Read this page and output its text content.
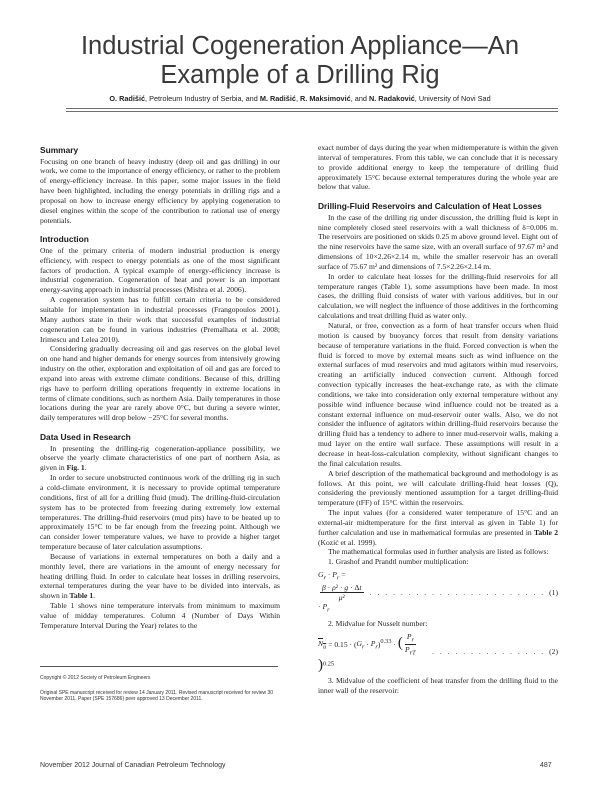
Industrial Cogeneration Appliance—An
Example of a Drilling Rig
O. Radišić, Petroleum Industry of Serbia, and M. Radišić, R. Maksimović, and N. Radaković, University of Novi Sad
Summary

Focusing on one branch of heavy industry (deep oil and gas drilling) in our work, we come to the importance of energy efficiency, or rather to the problem of energy-efficiency increase. In this paper, some major issues in the field have been highlighted, including the energy potentials in drilling rigs and a proposal on how to increase energy efficiency by applying cogeneration to diesel engines within the scope of the contribution to rational use of energy potentials.

Introduction

One of the primary criteria of modern industrial production is energy efficiency, with respect to energy potentials as one of the most significant factors of production. A typical example of energy-efficiency increase is industrial cogeneration. Cogeneration of heat and power is an important energy-saving approach in industrial processes (Mishra et al. 2006).

A cogeneration system has to fulfill certain criteria to be considered suitable for implementation in industrial processes (Frangopoulos 2001). Many authors state in their work that successful examples of industrial cogeneration can be found in various industries (Premalhata et al. 2008; Irimescu and Lelea 2010).

Considering gradually decreasing oil and gas reserves on the global level on one hand and higher demands for energy sources from intensively growing industry on the other, exploration and exploitation of oil and gas are forced to expand into areas with extreme climate conditions. Because of this, drilling rigs have to perform drilling operations frequently in extreme locations in terms of climate conditions, such as northern Asia. Daily temperatures in those locations during the year are rarely above 0°C, but during a severe winter, daily temperatures will drop below −25°C for several months.

Data Used in Research

In presenting the drilling-rig cogeneration-appliance possibility, we observe the yearly climate characteristics of one part of northern Asia, as given in Fig. 1.

In order to secure unobstructed continuous work of the drilling rig in such a cold-climate environment, it is necessary to provide optimal temperature conditions, first of all for a drilling fluid (mud). The drilling-fluid-circulation system has to be protected from freezing during extremely low external temperatures. The drilling-fluid reservoirs (mud pits) have to be heated up to approximately 15°C to be far enough from the freezing point. Although we can consider lower temperature values, we have to provide a higher target temperature because of later calculation assumptions.

Because of variations in external temperatures on both a daily and a monthly level, there are variations in the amount of energy necessary for heating drilling fluid. In order to calculate heat losses in drilling reservoirs, external temperatures during the year have to be divided into intervals, as shown in Table 1.

Table 1 shows nine temperature intervals from minimum to maximum value of midday temperatures. Column 4 (Number of Days Within Temperature Interval During the Year) relates to the

exact number of days during the year when midtemperature is within the given interval of temperatures. From this table, we can conclude that it is necessary to provide additional energy to keep the temperature of drilling fluid approximately 15°C because external temperatures during the whole year are below that value.

Drilling-Fluid Reservoirs and Calculation of Heat Losses

In the case of the drilling rig under discussion, the drilling fluid is kept in nine completely closed steel reservoirs with a wall thickness of δ=0.006 m. The reservoirs are positioned on skids 0.25 m above ground level. Eight out of the nine reservoirs have the same size, with an overall surface of 97.67 m² and dimensions of 10×2.26×2.14 m, while the smaller reservoir has an overall surface of 75.67 m² and dimensions of 7.5×2.26×2.14 m.

In order to calculate heat losses for the drilling-fluid reservoirs for all temperature ranges (Table 1), some assumptions have been made. In most cases, the drilling fluid consists of water with various additives, but in our calculation, we will neglect the influence of those additives in the forthcoming calculations and treat drilling fluid as water only.

Natural, or free, convection as a form of heat transfer occurs when fluid motion is caused by buoyancy forces that result from density variations because of temperature variations in the fluid. Forced convection is when the fluid is forced to move by external means such as wind influence on the external surfaces of mud reservoirs and mud agitators within mud reservoirs, creating an artificially induced convection current. Although forced convection typically increases the heat-exchange rate, as with the climate conditions, we take into consideration only external temperature without any possible wind influence because wind influence could not be treated as a constant external influence on mud-reservoir outer walls. Also, we do not consider the influence of agitators within drilling-fluid reservoirs because the drilling fluid has a tendency to adhere to inner mud-reservoir walls, making a mud layer on the entire wall surface. These assumptions will result in a decrease in heat-loss-calculation complexity, without significant changes to the final calculation results.

A brief description of the mathematical background and methodology is as follows. At this point, we will calculate drilling-fluid heat losses (Q), considering the previously mentioned assumption for a target drilling-fluid temperature (tFF) of 15°C within the reservoirs.

The input values (for a considered water temperature of 15°C and an external-air midtemperature for the first interval as given in Table 1) for further calculation and use in mathematical formulas are presented in Table 2 (Kozić et al. 1999).

The mathematical formulas used in further analysis are listed as follows:

1. Grashof and Prandtl number multiplication:

$G_r \cdot P_r$ =
$\frac{\text{β · ρ² · g · Δt}}{\text{μ²}}$
· $P_r$
. . . . . . . . . . . . . . . . . . . . . . . (1)

2. Midvalue for Nusselt number:

$N_u = 0.15 \cdot (G_r \cdot P_r)^{0.33}$ · ( $\frac{P_r}{P_{rT}}$
)$^{0.25}$
. . . . . . . . . . . . . . . (2)

3. Midvalue of the coefficient of heat transfer from the drilling fluid to the inner wall of the reservoir:

Copyright © 2012 Society of Petroleum Engineers

Original SPE manuscript received for review 14 January 2011. Revised manuscript received for review 30 November 2011. Paper (SPE 157686) peer approved 13 December 2011.

November 2012 Journal of Canadian Petroleum Technology	487
